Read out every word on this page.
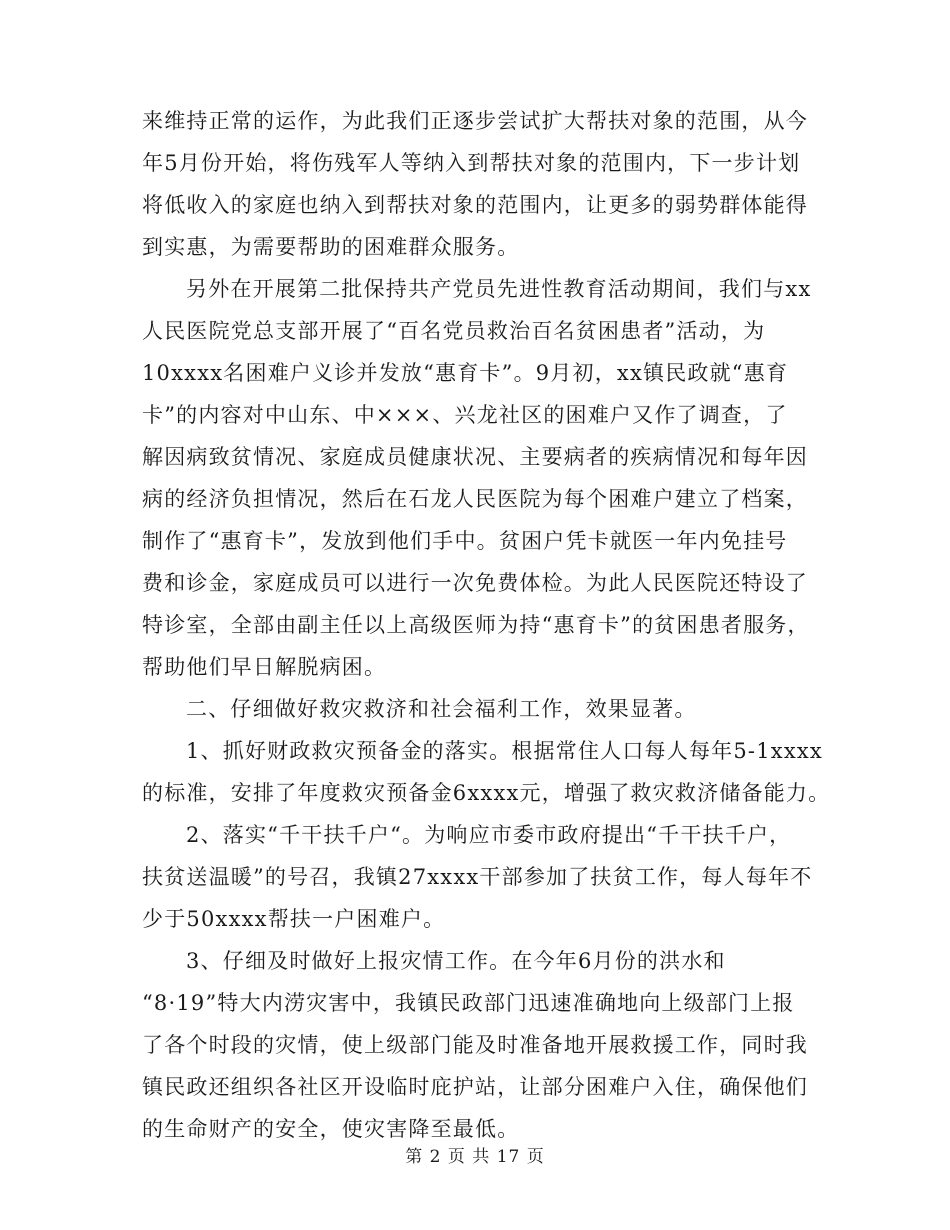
来维持正常的运作，为此我们正逐步尝试扩大帮扶对象的范围，从今
年5月份开始，将伤残军人等纳入到帮扶对象的范围内，下一步计划
将低收入的家庭也纳入到帮扶对象的范围内，让更多的弱势群体能得
到实惠，为需要帮助的困难群众服务。
另外在开展第二批保持共产党员先进性教育活动期间，我们与xx
人民医院党总支部开展了“百名党员救治百名贫困患者”活动，为
10xxxx名困难户义诊并发放“惠育卡”。9月初，xx镇民政就“惠育
卡”的内容对中山东、中×××、兴龙社区的困难户又作了调查，了
解因病致贫情况、家庭成员健康状况、主要病者的疾病情况和每年因
病的经济负担情况，然后在石龙人民医院为每个困难户建立了档案，
制作了“惠育卡”，发放到他们手中。贫困户凭卡就医一年内免挂号
费和诊金，家庭成员可以进行一次免费体检。为此人民医院还特设了
特诊室，全部由副主任以上高级医师为持“惠育卡”的贫困患者服务，
帮助他们早日解脱病困。
二、仔细做好救灾救济和社会福利工作，效果显著。
1、抓好财政救灾预备金的落实。根据常住人口每人每年5-1xxxx
的标准，安排了年度救灾预备金6xxxx元，增强了救灾救济储备能力。
2、落实“千干扶千户“。为响应市委市政府提出“千干扶千户，
扶贫送温暖”的号召，我镇27xxxx干部参加了扶贫工作，每人每年不
少于50xxxx帮扶一户困难户。
3、仔细及时做好上报灾情工作。在今年6月份的洪水和
“8·19”特大内涝灾害中，我镇民政部门迅速准确地向上级部门上报
了各个时段的灾情，使上级部门能及时准备地开展救援工作，同时我
镇民政还组织各社区开设临时庇护站，让部分困难户入住，确保他们
的生命财产的安全，使灾害降至最低。
第 2 页 共 17 页
